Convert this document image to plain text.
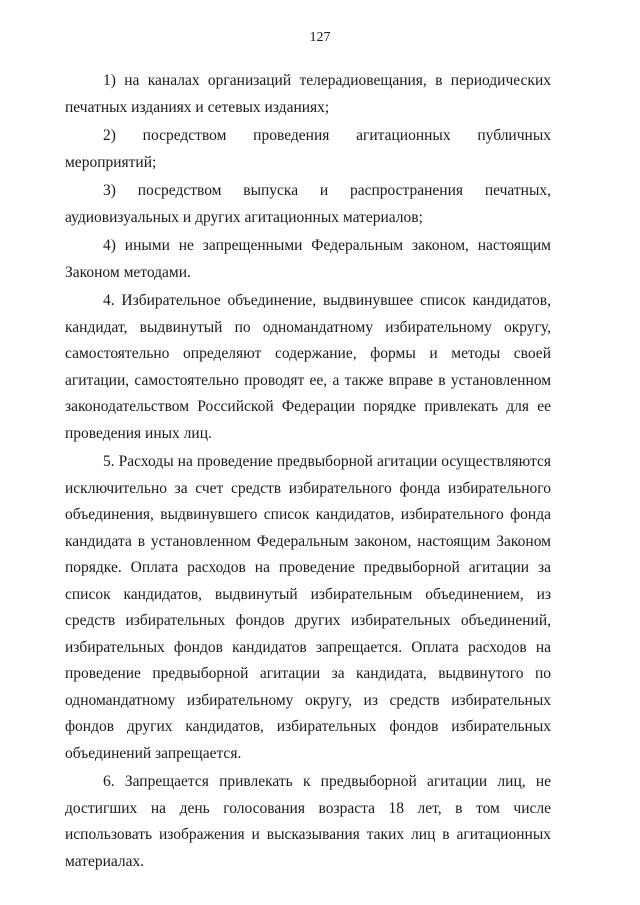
127

1) на каналах организаций телерадиовещания, в периодических печатных изданиях и сетевых изданиях;

2) посредством проведения агитационных публичных мероприятий;

3) посредством выпуска и распространения печатных, аудиовизуальных и других агитационных материалов;

4) иными не запрещенными Федеральным законом, настоящим Законом методами.

4. Избирательное объединение, выдвинувшее список кандидатов, кандидат, выдвинутый по одномандатному избирательному округу, самостоятельно определяют содержание, формы и методы своей агитации, самостоятельно проводят ее, а также вправе в установленном законодательством Российской Федерации порядке привлекать для ее проведения иных лиц.

5. Расходы на проведение предвыборной агитации осуществляются исключительно за счет средств избирательного фонда избирательного объединения, выдвинувшего список кандидатов, избирательного фонда кандидата в установленном Федеральным законом, настоящим Законом порядке. Оплата расходов на проведение предвыборной агитации за список кандидатов, выдвинутый избирательным объединением, из средств избирательных фондов других избирательных объединений, избирательных фондов кандидатов запрещается. Оплата расходов на проведение предвыборной агитации за кандидата, выдвинутого по одномандатному избирательному округу, из средств избирательных фондов других кандидатов, избирательных фондов избирательных объединений запрещается.

6. Запрещается привлекать к предвыборной агитации лиц, не достигших на день голосования возраста 18 лет, в том числе использовать изображения и высказывания таких лиц в агитационных материалах.
